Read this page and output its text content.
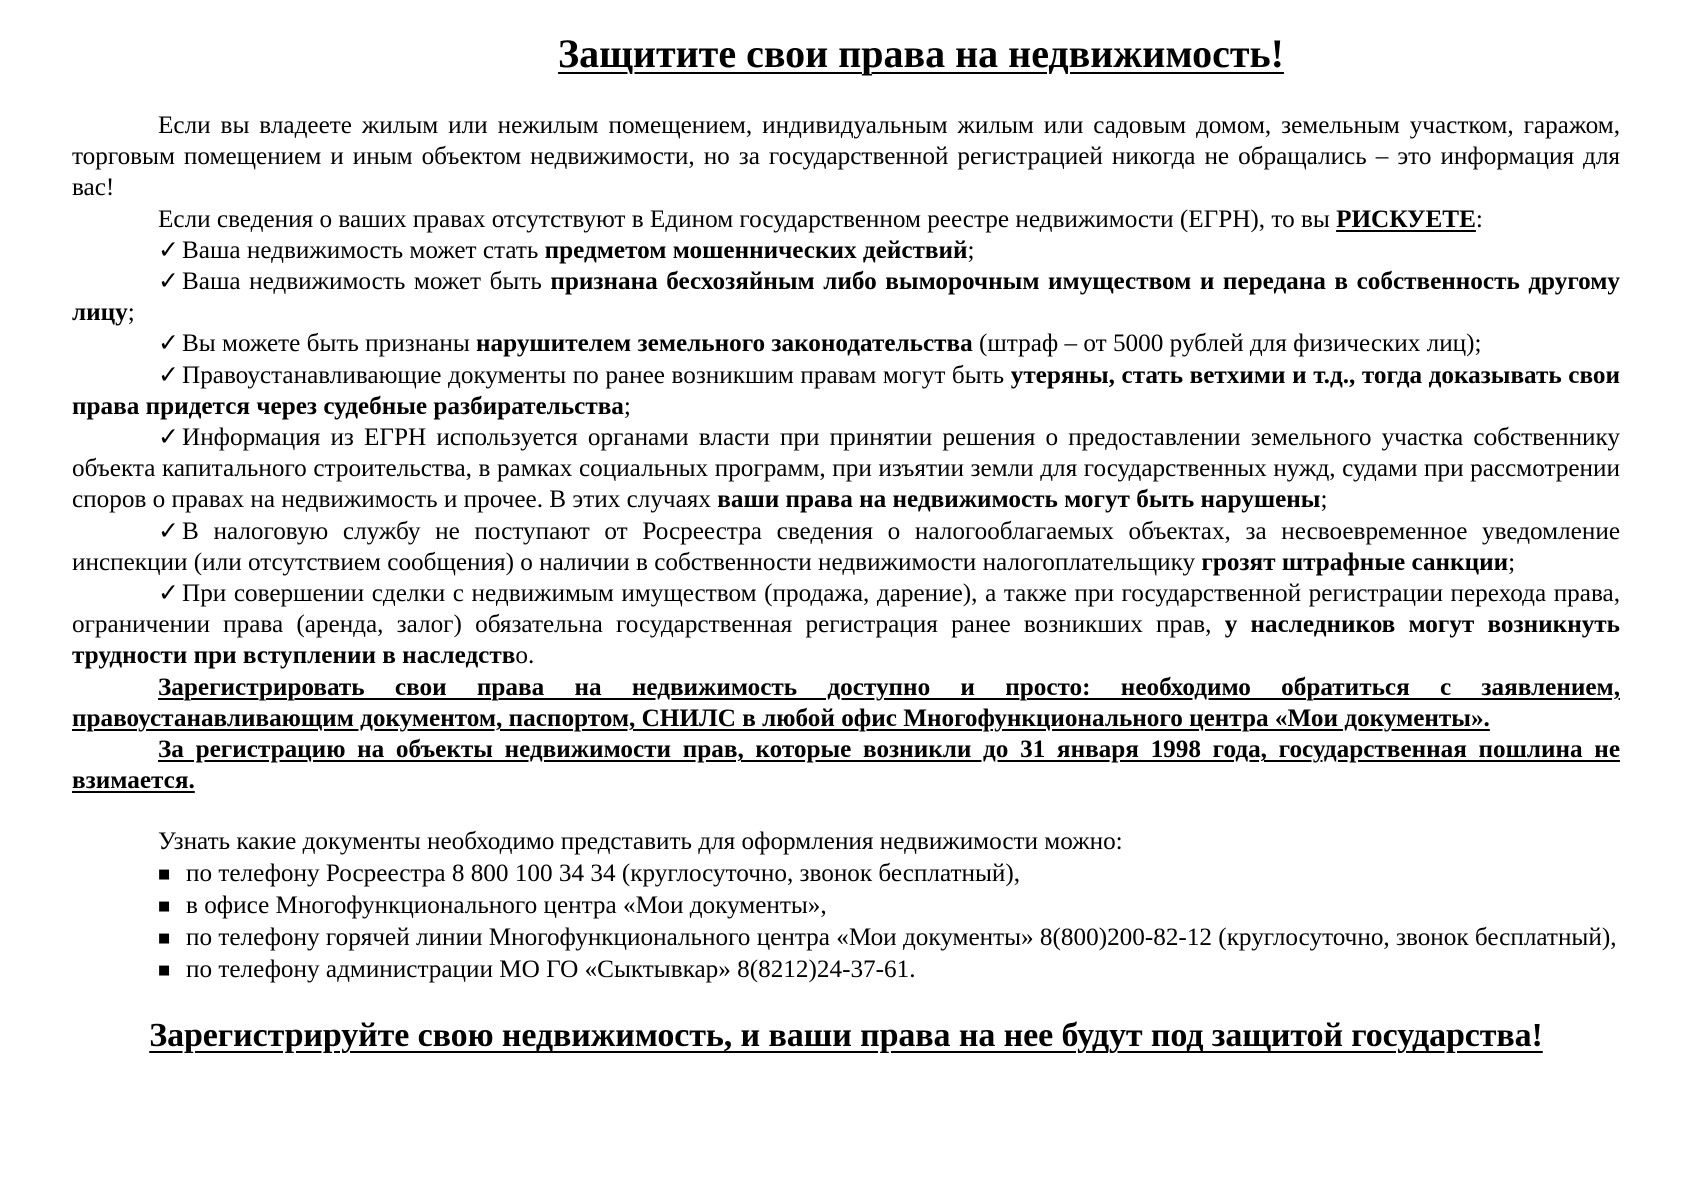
Защитите свои права на недвижимость!

Если вы владеете жилым или нежилым помещением, индивидуальным жилым или садовым домом, земельным участком, гаражом, торговым помещением и иным объектом недвижимости, но за государственной регистрацией никогда не обращались – это информация для вас!

Если сведения о ваших правах отсутствуют в Едином государственном реестре недвижимости (ЕГРН), то вы РИСКУЕТЕ:

✓ Ваша недвижимость может стать предметом мошеннических действий;

✓ Ваша недвижимость может быть признана бесхозяйным либо выморочным имуществом и передана в собственность другому лицу;

✓ Вы можете быть признаны нарушителем земельного законодательства (штраф – от 5000 рублей для физических лиц);

✓ Правоустанавливающие документы по ранее возникшим правам могут быть утеряны, стать ветхими и т.д., тогда доказывать свои права придется через судебные разбирательства;

✓ Информация из ЕГРН используется органами власти при принятии решения о предоставлении земельного участка собственнику объекта капитального строительства, в рамках социальных программ, при изъятии земли для государственных нужд, судами при рассмотрении споров о правах на недвижимость и прочее. В этих случаях ваши права на недвижимость могут быть нарушены;

✓ В налоговую службу не поступают от Росреестра сведения о налогооблагаемых объектах, за несвоевременное уведомление инспекции (или отсутствием сообщения) о наличии в собственности недвижимости налогоплательщику грозят штрафные санкции;

✓ При совершении сделки с недвижимым имуществом (продажа, дарение), а также при государственной регистрации перехода права, ограничении права (аренда, залог) обязательна государственная регистрация ранее возникших прав, у наследников могут возникнуть трудности при вступлении в наследство.

Зарегистрировать свои права на недвижимость доступно и просто: необходимо обратиться с заявлением, правоустанавливающим документом, паспортом, СНИЛС в любой офис Многофункционального центра «Мои документы».

За регистрацию на объекты недвижимости прав, которые возникли до 31 января 1998 года, государственная пошлина не взимается.

Узнать какие документы необходимо представить для оформления недвижимости можно:

■ по телефону Росреестра 8 800 100 34 34 (круглосуточно, звонок бесплатный),

■ в офисе Многофункционального центра «Мои документы»,

■ по телефону горячей линии Многофункционального центра «Мои документы» 8(800)200-82-12 (круглосуточно, звонок бесплатный),

■ по телефону администрации МО ГО «Сыктывкар» 8(8212)24-37-61.

Зарегистрируйте свою недвижимость, и ваши права на нее будут под защитой государства!
